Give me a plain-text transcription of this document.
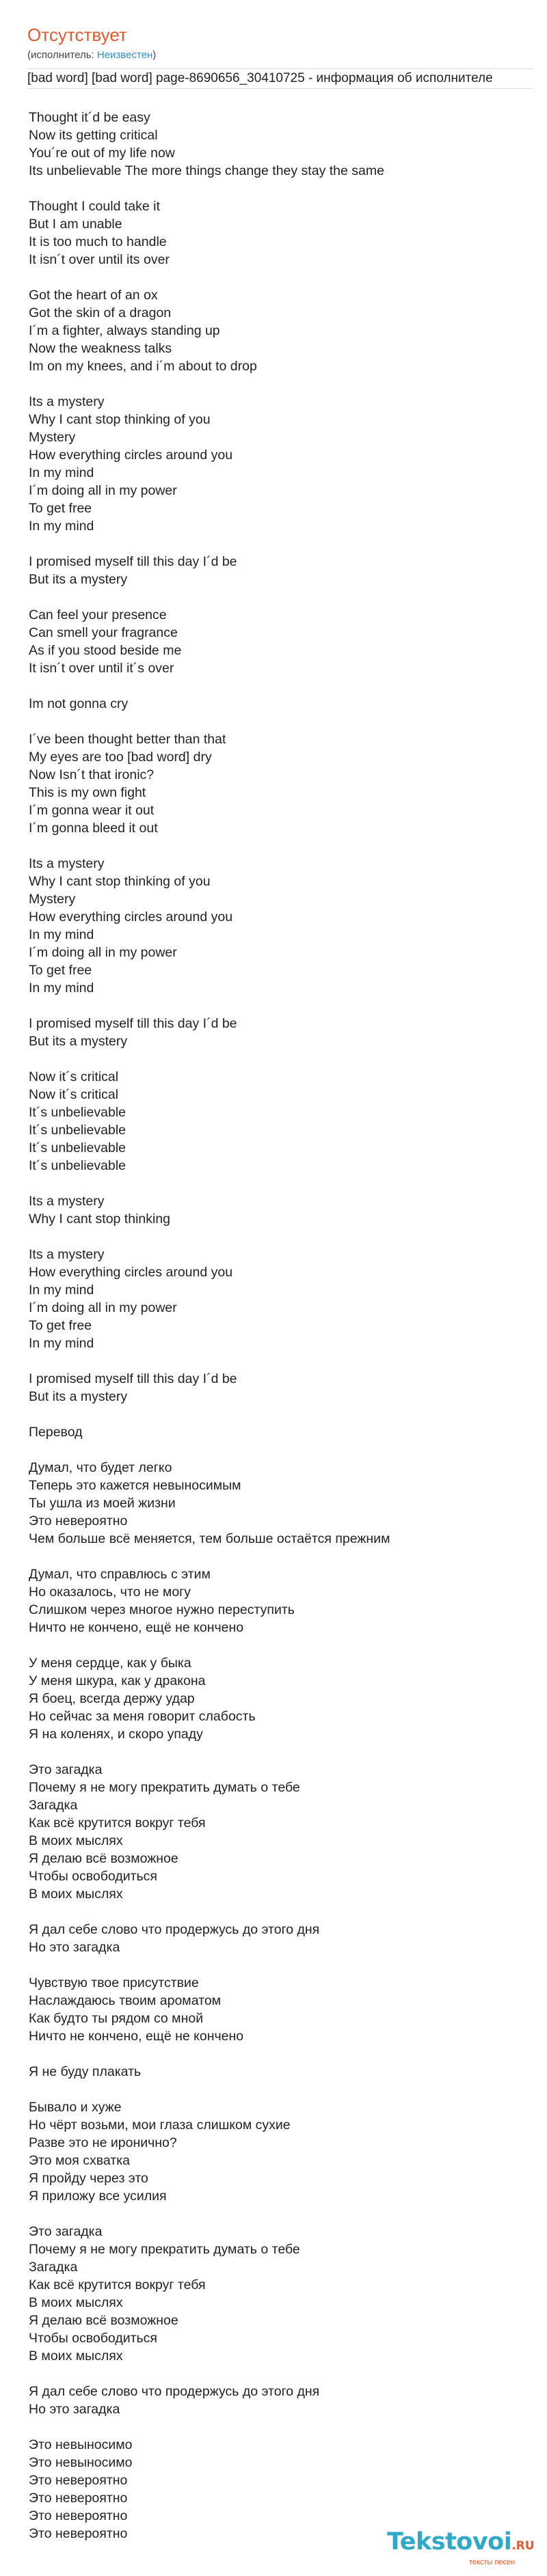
Отсутствует
(исполнитель: Неизвестен)
[bad word] [bad word] page-8690656_30410725 - информация об исполнителе
Thought it´d be easy
Now its getting critical
You´re out of my life now
Its unbelievable The more things change they stay the same

Thought I could take it
But I am unable
It is too much to handle
It isn´t over until its over

Got the heart of an ox
Got the skin of a dragon
I´m a fighter, always standing up
Now the weakness talks
Im on my knees, and i´m about to drop

Its a mystery
Why I cant stop thinking of you
Mystery
How everything circles around you
In my mind
I´m doing all in my power
To get free
In my mind

I promised myself till this day I´d be
But its a mystery

Can feel your presence
Can smell your fragrance
As if you stood beside me
It isn´t over until it´s over

Im not gonna cry

I´ve been thought better than that
My eyes are too [bad word] dry
Now Isn´t that ironic?
This is my own fight
I´m gonna wear it out
I´m gonna bleed it out

Its a mystery
Why I cant stop thinking of you
Mystery
How everything circles around you
In my mind
I´m doing all in my power
To get free
In my mind

I promised myself till this day I´d be
But its a mystery

Now it´s critical
Now it´s critical
It´s unbelievable
It´s unbelievable
It´s unbelievable
It´s unbelievable

Its a mystery
Why I cant stop thinking

Its a mystery
How everything circles around you
In my mind
I´m doing all in my power
To get free
In my mind

I promised myself till this day I´d be
But its a mystery

Перевод

Думал, что будет легко
Теперь это кажется невыносимым
Ты ушла из моей жизни
Это невероятно
Чем больше всё меняется, тем больше остаётся прежним

Думал, что справлюсь с этим
Но оказалось, что не могу
Слишком через многое нужно переступить
Ничто не кончено, ещё не кончено

У меня сердце, как у быка
У меня шкура, как у дракона
Я боец, всегда держу удар
Но сейчас за меня говорит слабость
Я на коленях, и скоро упаду

Это загадка
Почему я не могу прекратить думать о тебе
Загадка
Как всё крутится вокруг тебя
В моих мыслях
Я делаю всё возможное
Чтобы освободиться
В моих мыслях

Я дал себе слово что продержусь до этого дня
Но это загадка

Чувствую твое присутствие
Наслаждаюсь твоим ароматом
Как будто ты рядом со мной
Ничто не кончено, ещё не кончено

Я не буду плакать

Бывало и хуже
Но чёрт возьми, мои глаза слишком сухие
Разве это не иронично?
Это моя схватка
Я пройду через это
Я приложу все усилия

Это загадка
Почему я не могу прекратить думать о тебе
Загадка
Как всё крутится вокруг тебя
В моих мыслях
Я делаю всё возможное
Чтобы освободиться
В моих мыслях

Я дал себе слово что продержусь до этого дня
Но это загадка

Это невыносимо
Это невыносимо
Это невероятно
Это невероятно
Это невероятно
Это невероятно	Tekstovoi.RU
тексты песен
